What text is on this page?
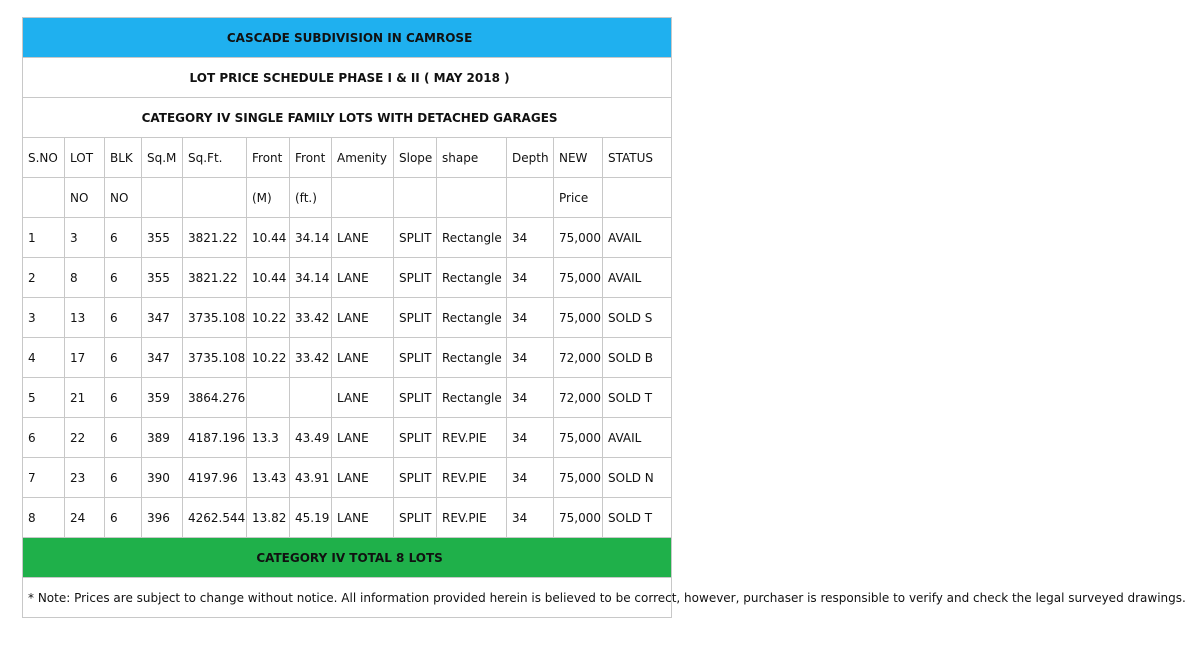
CASCADE SUBDIVISION IN CAMROSE												
LOT PRICE SCHEDULE PHASE I & II ( MAY 2018 )												
CATEGORY IV SINGLE FAMILY LOTS WITH DETACHED GARAGES												
S.NO	LOT	BLK	Sq.M	Sq.Ft.	Front	Front	Amenity	Slope	shape	Depth	NEW	STATUS
	NO	NO			(M)	(ft.)					Price	
1	3	6	355	3821.22	10.44	34.14	LANE	SPLIT	Rectangle	34	75,000	AVAIL
2	8	6	355	3821.22	10.44	34.14	LANE	SPLIT	Rectangle	34	75,000	AVAIL
3	13	6	347	3735.108	10.22	33.42	LANE	SPLIT	Rectangle	34	75,000	SOLD S
4	17	6	347	3735.108	10.22	33.42	LANE	SPLIT	Rectangle	34	72,000	SOLD B
5	21	6	359	3864.276			LANE	SPLIT	Rectangle	34	72,000	SOLD T
6	22	6	389	4187.196	13.3	43.49	LANE	SPLIT	REV.PIE	34	75,000	AVAIL
7	23	6	390	4197.96	13.43	43.91	LANE	SPLIT	REV.PIE	34	75,000	SOLD N
8	24	6	396	4262.544	13.82	45.19	LANE	SPLIT	REV.PIE	34	75,000	SOLD T
CATEGORY IV TOTAL 8 LOTS												
* Note: Prices are subject to change without notice. All information provided herein is believed to be correct, however, purchaser is responsible to verify and check the legal surveyed drawings.												
